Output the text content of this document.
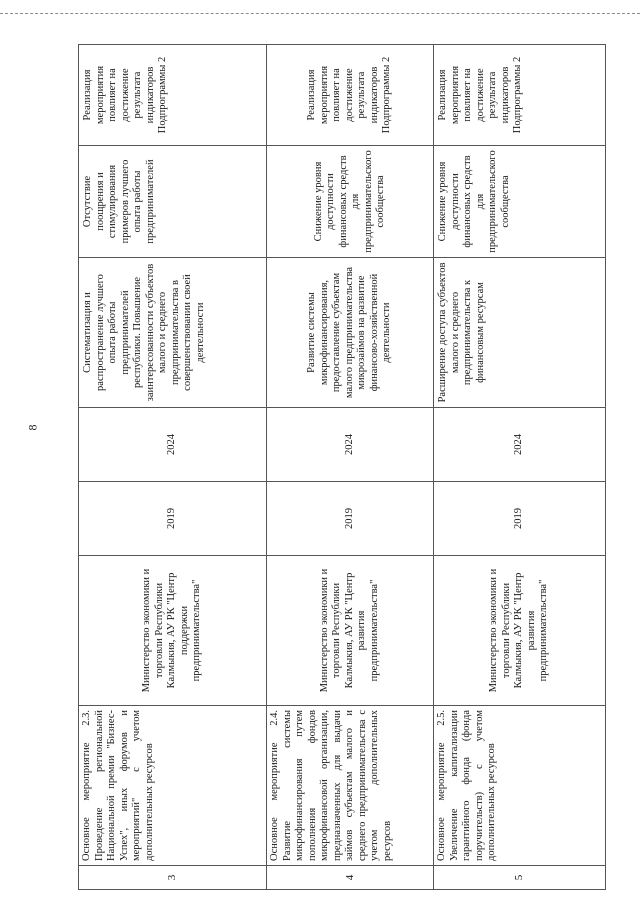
8
3	Основное мероприятие 2.3. Проведение региональной Национальной премии "Бизнес-Успех", иных форумов и мероприятий" с учетом дополнительных ресурсов	Министерство экономики и торговли Республики Калмыкия, АУ РК "Центр поддержки предпринимательства"	2019	2024	Систематизация и распространение лучшего опыта работы предпринимателей республики. Повышение заинтересованности субъектов малого и среднего предпринимательства в совершенствовании своей деятельности	Отсутствие поощрения и стимулирования примеров лучшего опыта работы предпринимателей	Реализация мероприятия повлияет на достижение результата индикаторов Подпрограммы 2
4	Основное мероприятие 2.4. Развитие системы микрофинансирования путем пополнения фондов микрофинансовой организации, предназначенных для выдачи займов субъектам малого и среднего предпринимательства с учетом дополнительных ресурсов	Министерство экономики и торговли Республики Калмыкия, АУ РК "Центр развития предпринимательства"	2019	2024	Развитие системы микрофинансирования, предоставление субъектам малого предпринимательства микрозаймов на развитие финансово-хозяйственной деятельности	Снижение уровня доступности финансовых средств для предпринимательского сообщества	Реализация мероприятия повлияет на достижение результата индикаторов Подпрограммы 2
5	Основное мероприятие 2.5. Увеличение капитализации гарантийного фонда (фонда поручительств) с учетом дополнительных ресурсов	Министерство экономики и торговли Республики Калмыкия, АУ РК "Центр развития предпринимательства"	2019	2024	Расширение доступа субъектов малого и среднего предпринимательства к финансовым ресурсам	Снижение уровня доступности финансовых средств для предпринимательского сообщества	Реализация мероприятия повлияет на достижение результата индикаторов Подпрограммы 2
